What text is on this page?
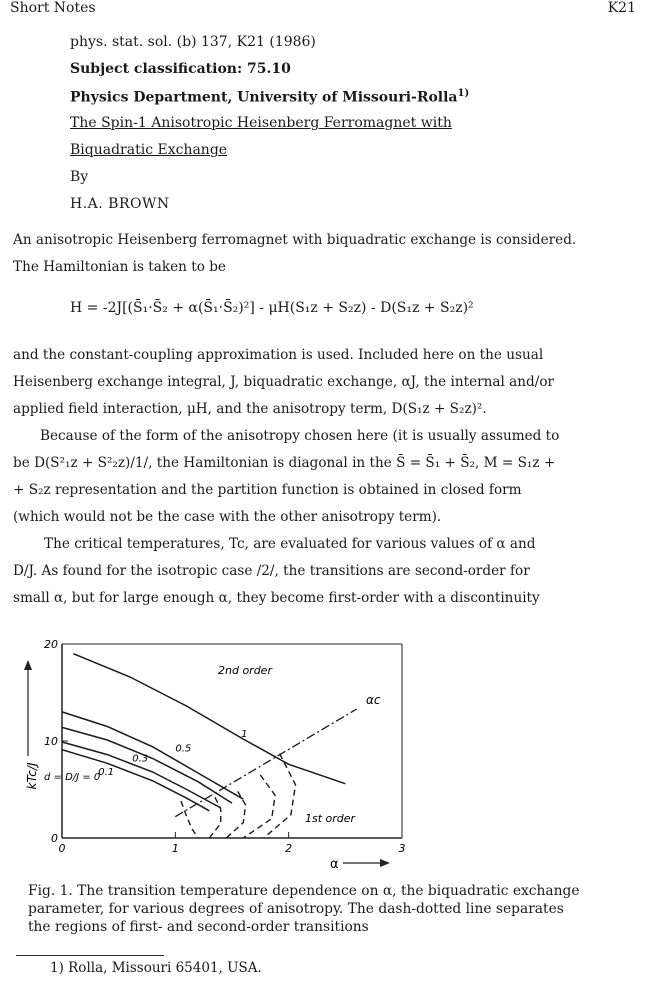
Short Notes	K21
phys. stat. sol. (b) 137, K21 (1986)
Subject classification: 75.10
Physics Department, University of Missouri-Rolla$^{1)}$
The Spin-1 Anisotropic Heisenberg Ferromagnet with
Biquadratic Exchange
By
H.A. BROWN
An anisotropic Heisenberg ferromagnet with biquadratic exchange is considered.
The Hamiltonian is taken to be
H = -2J[(S̄₁·S̄₂ + α(S̄₁·S̄₂)²] - μH(S₁z + S₂z) - D(S₁z + S₂z)²
and the constant-coupling approximation is used. Included here on the usual
Heisenberg exchange integral, J, biquadratic exchange, αJ, the internal and/or
applied field interaction, μH, and the anisotropy term, D(S₁z + S₂z)².
Because of the form of the anisotropy chosen here (it is usually assumed to
be D(S²₁z + S²₂z)/1/, the Hamiltonian is diagonal in the S̄ = S̄₁ + S̄₂, M = S₁z +
+ S₂z representation and the partition function is obtained in closed form
(which would not be the case with the other anisotropy term).
The critical temperatures, Tc, are evaluated for various values of α and
D/J. As found for the isotropic case /2/, the transitions are second-order for
small α, but for large enough α, they become first-order with a discontinuity
kTc/J
α
0	1	2	3
0
10
20
d = D/J = 0
0.1
0.3
0.5
1
2nd order
1st order
αc
Fig. 1. The transition temperature dependence on α, the biquadratic exchange
parameter, for various degrees of anisotropy. The dash-dotted line separates
the regions of first- and second-order transitions
1) Rolla, Missouri 65401, USA.
